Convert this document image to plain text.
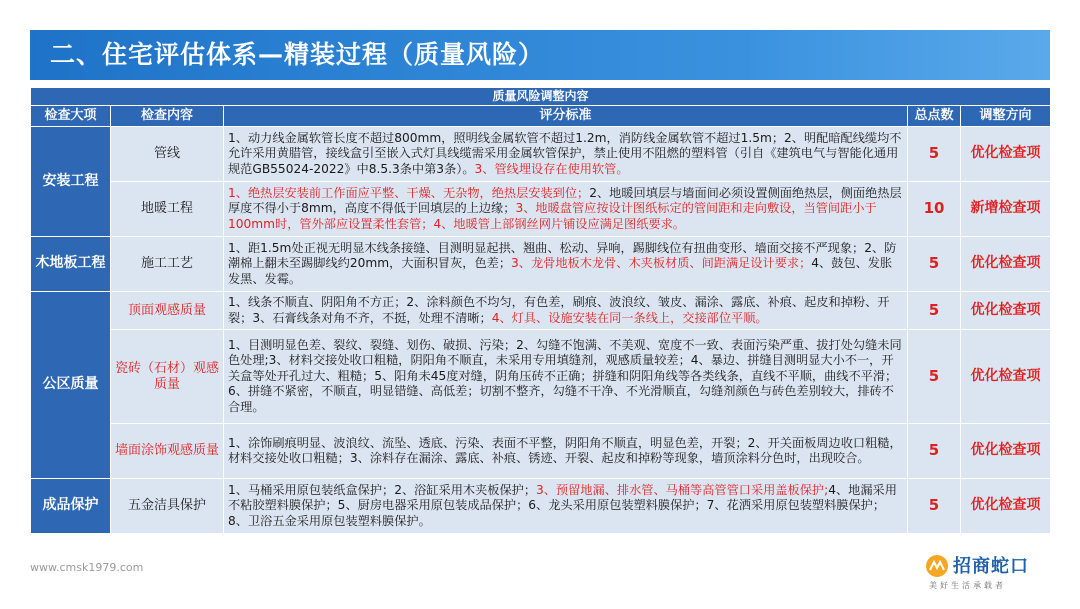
二、住宅评估体系—精装过程（质量风险）
质量风险调整内容				
检查大项	检查内容	评分标准	总点数	调整方向
安装工程	管线	1、动力线金属软管长度不超过800mm，照明线金属软管不超过1.2m，消防线金属软管不超过1.5m；2、明配暗配线缆均不允许采用黄腊管，接线盒引至嵌入式灯具线缆需采用金属软管保护，禁止使用不阻燃的塑料管（引自《建筑电气与智能化通用规范GB55024-2022》中8.5.3条中第3条）。3、管线埋设存在使用软管。	5	优化检查项
	地暖工程	1、绝热层安装前工作面应平整、干燥、无杂物，绝热层安装到位；2、地暖回填层与墙面间必须设置侧面绝热层，侧面绝热层厚度不得小于8mm，高度不得低于回填层的上边缘；3、地暖盘管应按设计图纸标定的管间距和走向敷设，当管间距小于100mm时，管外部应设置柔性套管；4、地暖管上部钢丝网片铺设应满足图纸要求。	10	新增检查项
木地板工程	施工工艺	1、距1.5m处正视无明显木线条接缝、目测明显起拱、翘曲、松动、异响，踢脚线位有扭曲变形、墙面交接不严现象；2、防潮棉上翻未至踢脚线约20mm，大面积冒灰，色差；3、龙骨地板木龙骨、木夹板材质、间距满足设计要求；4、鼓包、发胀发黑、发霉。	5	优化检查项
公区质量	顶面观感质量	1、线条不顺直、阴阳角不方正；2、涂料颜色不均匀，有色差，刷痕、波浪纹、皱皮、漏涂、露底、补痕、起皮和掉粉、开裂；3、石膏线条对角不齐，不挺，处理不清晰；4、灯具、设施安装在同一条线上，交接部位平顺。	5	优化检查项
	瓷砖（石材）观感质量	1、目测明显色差、裂纹、裂缝、划伤、破损、污染；2、勾缝不饱满、不美观、宽度不一致、表面污染严重、拔打处勾缝未同色处理;3、材料交接处收口粗糙，阴阳角不顺直，未采用专用填缝剂，观感质量较差；4、暴边、拼缝目测明显大小不一，开关盒等处开孔过大、粗糙；5、阳角未45度对缝，阴角压砖不正确；拼缝和阴阳角线等各类线条，直线不平顺，曲线不平滑；6、拼缝不紧密，不顺直，明显错缝、高低差；切割不整齐，勾缝不干净、不光滑顺直，勾缝剂颜色与砖色差别较大，排砖不合理。	5	优化检查项
	墙面涂饰观感质量	1、涂饰刷痕明显、波浪纹、流坠、透底、污染、表面不平整，阴阳角不顺直，明显色差，开裂；2、开关面板周边收口粗糙，材料交接处收口粗糙；3、涂料存在漏涂、露底、补痕、锈迹、开裂、起皮和掉粉等现象，墙顶涂料分色时，出现咬合。	5	优化检查项
成品保护	五金洁具保护	1、马桶采用原包装纸盒保护；2、浴缸采用木夹板保护；3、预留地漏、排水管、马桶等高管管口采用盖板保护;4、地漏采用不粘胶塑料膜保护；5、厨房电器采用原包装成品保护；6、龙头采用原包装塑料膜保护；7、花洒采用原包装塑料膜保护；8、卫浴五金采用原包装塑料膜保护。	5	优化检查项
www.cmsk1979.com	招商蛇口
美好生活承载者
